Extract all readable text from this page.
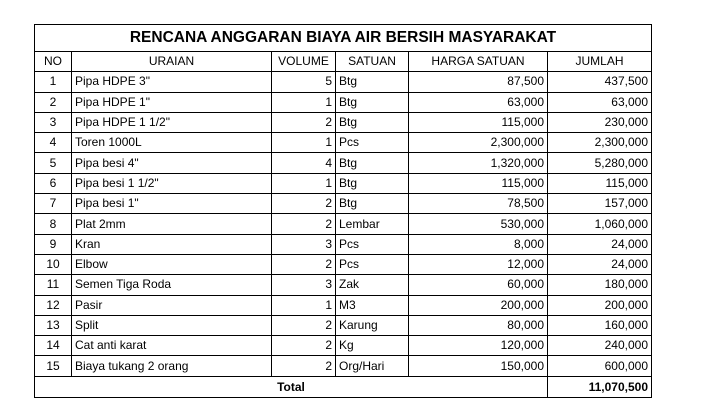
RENCANA ANGGARAN BIAYA AIR BERSIH MASYARAKAT					
NO	URAIAN	VOLUME	SATUAN	HARGA SATUAN	JUMLAH
1	Pipa HDPE 3"	5	Btg	87,500	437,500
2	Pipa HDPE 1"	1	Btg	63,000	63,000
3	Pipa HDPE 1 1/2"	2	Btg	115,000	230,000
4	Toren 1000L	1	Pcs	2,300,000	2,300,000
5	Pipa besi 4"	4	Btg	1,320,000	5,280,000
6	Pipa besi 1 1/2"	1	Btg	115,000	115,000
7	Pipa besi 1"	2	Btg	78,500	157,000
8	Plat 2mm	2	Lembar	530,000	1,060,000
9	Kran	3	Pcs	8,000	24,000
10	Elbow	2	Pcs	12,000	24,000
11	Semen Tiga Roda	3	Zak	60,000	180,000
12	Pasir	1	M3	200,000	200,000
13	Split	2	Karung	80,000	160,000
14	Cat anti karat	2	Kg	120,000	240,000
15	Biaya tukang 2 orang	2	Org/Hari	150,000	600,000
Total					11,070,500
